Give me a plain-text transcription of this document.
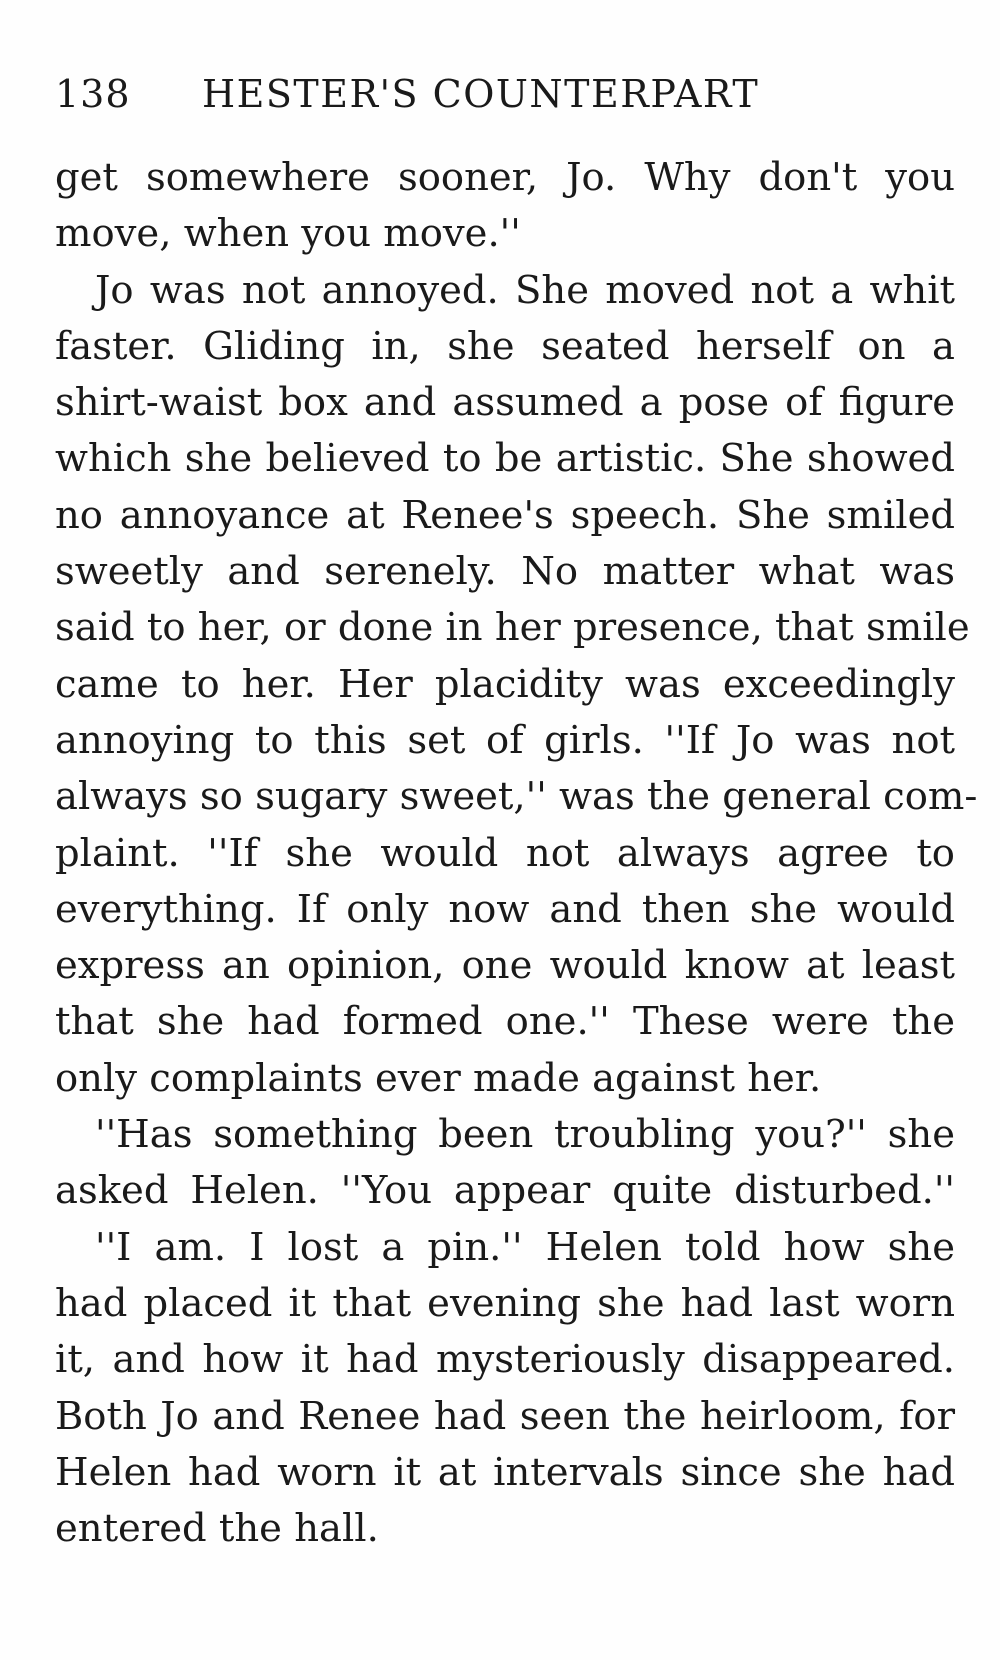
138 HESTER'S COUNTERPART
get somewhere sooner, Jo. Why don't you
move, when you move.''
Jo was not annoyed. She moved not a whit
faster. Gliding in, she seated herself on a
shirt-waist box and assumed a pose of figure
which she believed to be artistic. She showed
no annoyance at Renee's speech. She smiled
sweetly and serenely. No matter what was
said to her, or done in her presence, that smile
came to her. Her placidity was exceedingly
annoying to this set of girls. ''If Jo was not
always so sugary sweet,'' was the general com-
plaint. ''If she would not always agree to
everything. If only now and then she would
express an opinion, one would know at least
that she had formed one.'' These were the
only complaints ever made against her.
''Has something been troubling you?'' she
asked Helen. ''You appear quite disturbed.''
''I am. I lost a pin.'' Helen told how she
had placed it that evening she had last worn
it, and how it had mysteriously disappeared.
Both Jo and Renee had seen the heirloom, for
Helen had worn it at intervals since she had
entered the hall.
